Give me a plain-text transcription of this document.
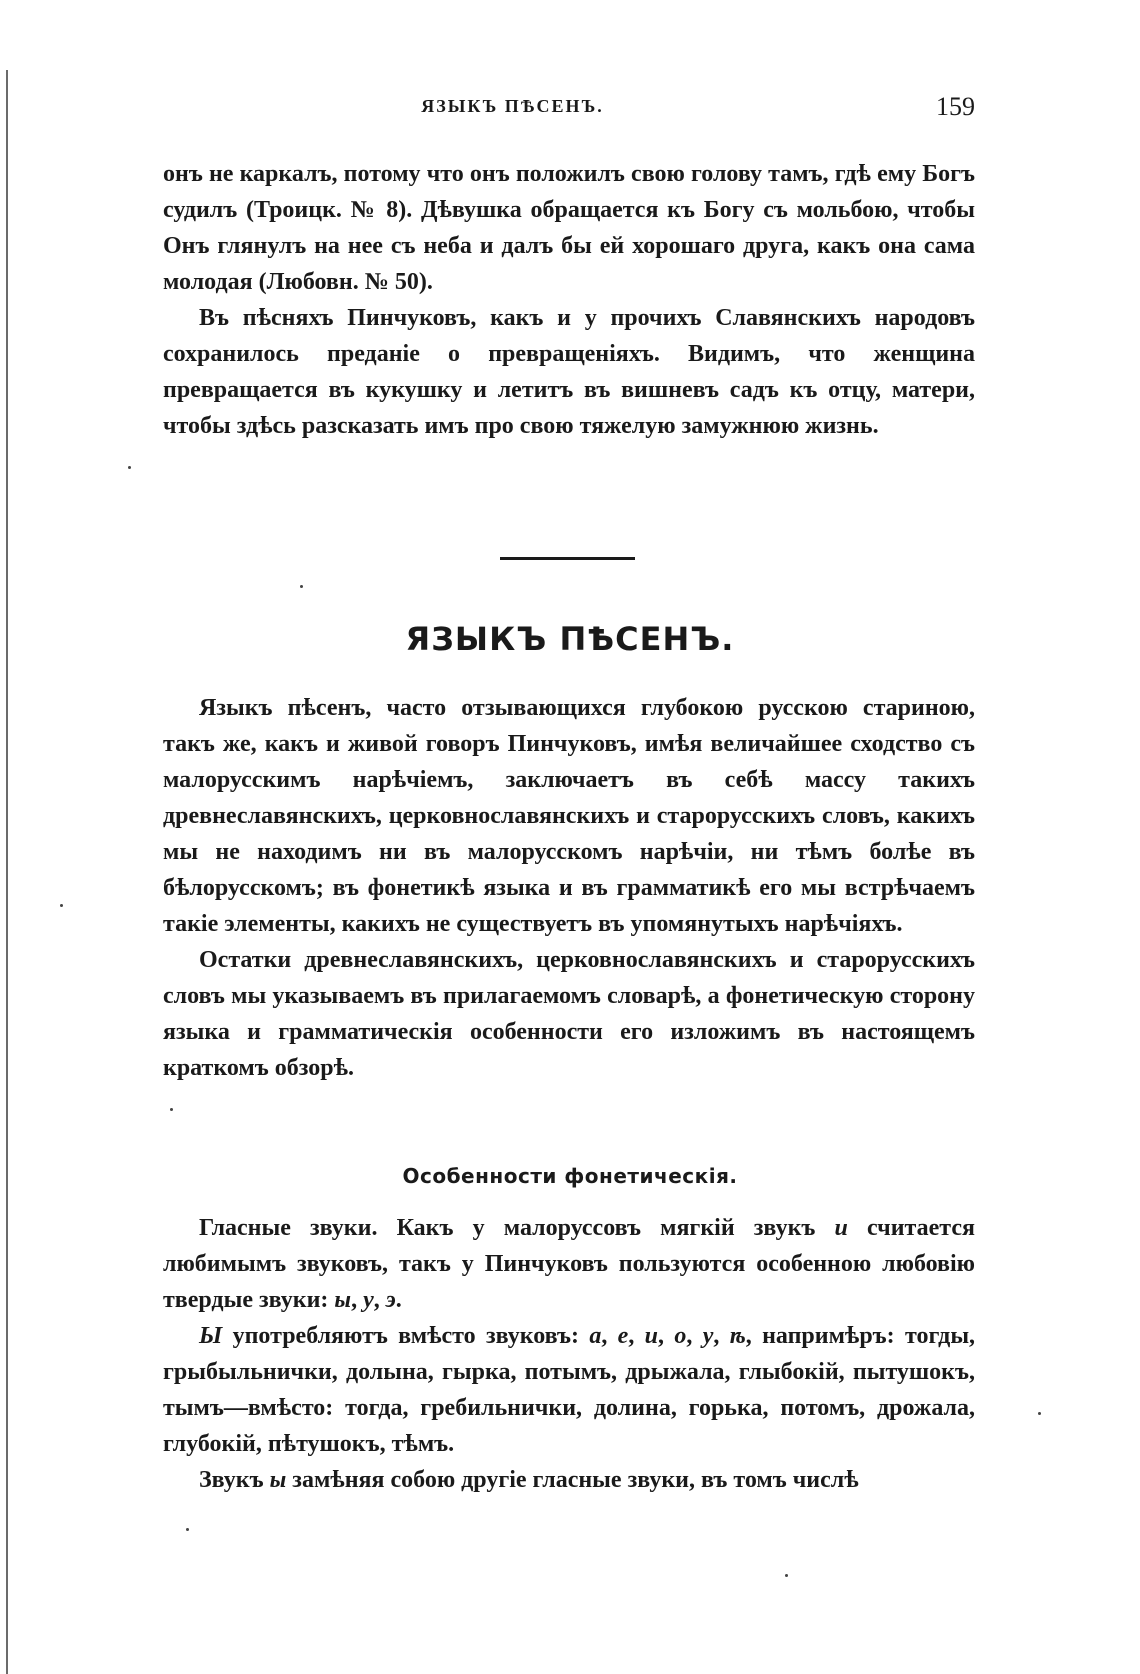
ЯЗЫКЪ ПѢСЕНЪ.	159

онъ не каркалъ, потому что онъ положилъ свою голову тамъ, гдѣ ему Богъ судилъ (Троицк. № 8). Дѣвушка обращается къ Богу съ мольбою, чтобы Онъ глянулъ на нее съ неба и далъ бы ей хорошаго друга, какъ она сама молодая (Любовн. № 50).

Въ пѣсняхъ Пинчуковъ, какъ и у прочихъ Славянскихъ народовъ сохранилось преданіе о превращеніяхъ. Видимъ, что женщина превращается въ кукушку и летитъ въ вишневъ садъ къ отцу, матери, чтобы здѣсь разсказать имъ про свою тяжелую замужнюю жизнь.

ЯЗЫКЪ ПѢСЕНЪ.

Языкъ пѣсенъ, часто отзывающихся глубокою русскою стариною, такъ же, какъ и живой говоръ Пинчуковъ, имѣя величайшее сходство съ малорусскимъ нарѣчіемъ, заключаетъ въ себѣ массу такихъ древнеславянскихъ, церковнославянскихъ и старорусскихъ словъ, какихъ мы не находимъ ни въ малорусскомъ нарѣчіи, ни тѣмъ болѣе въ бѣлорусскомъ; въ фонетикѣ языка и въ грамматикѣ его мы встрѣчаемъ такіе элементы, какихъ не существуетъ въ упомянутыхъ нарѣчіяхъ.

Остатки древнеславянскихъ, церковнославянскихъ и старорусскихъ словъ мы указываемъ въ прилагаемомъ словарѣ, а фонетическую сторону языка и грамматическія особенности его изложимъ въ настоящемъ краткомъ обзорѣ.

Особенности фонетическія.

Гласные звуки. Какъ у малоруссовъ мягкій звукъ и считается любимымъ звуковъ, такъ у Пинчуковъ пользуются особенною любовію твердые звуки: ы, у, э.

Ы употребляютъ вмѣсто звуковъ: а, е, и, о, у, ѣ, напримѣръ: тогды, грыбыльнички, долына, гырка, потымъ, дрыжала, глыбокій, пытушокъ, тымъ—вмѣсто: тогда, гребильнички, долина, горька, потомъ, дрожала, глубокій, пѣтушокъ, тѣмъ.

Звукъ ы замѣняя собою другіе гласные звуки, въ томъ числѣ
